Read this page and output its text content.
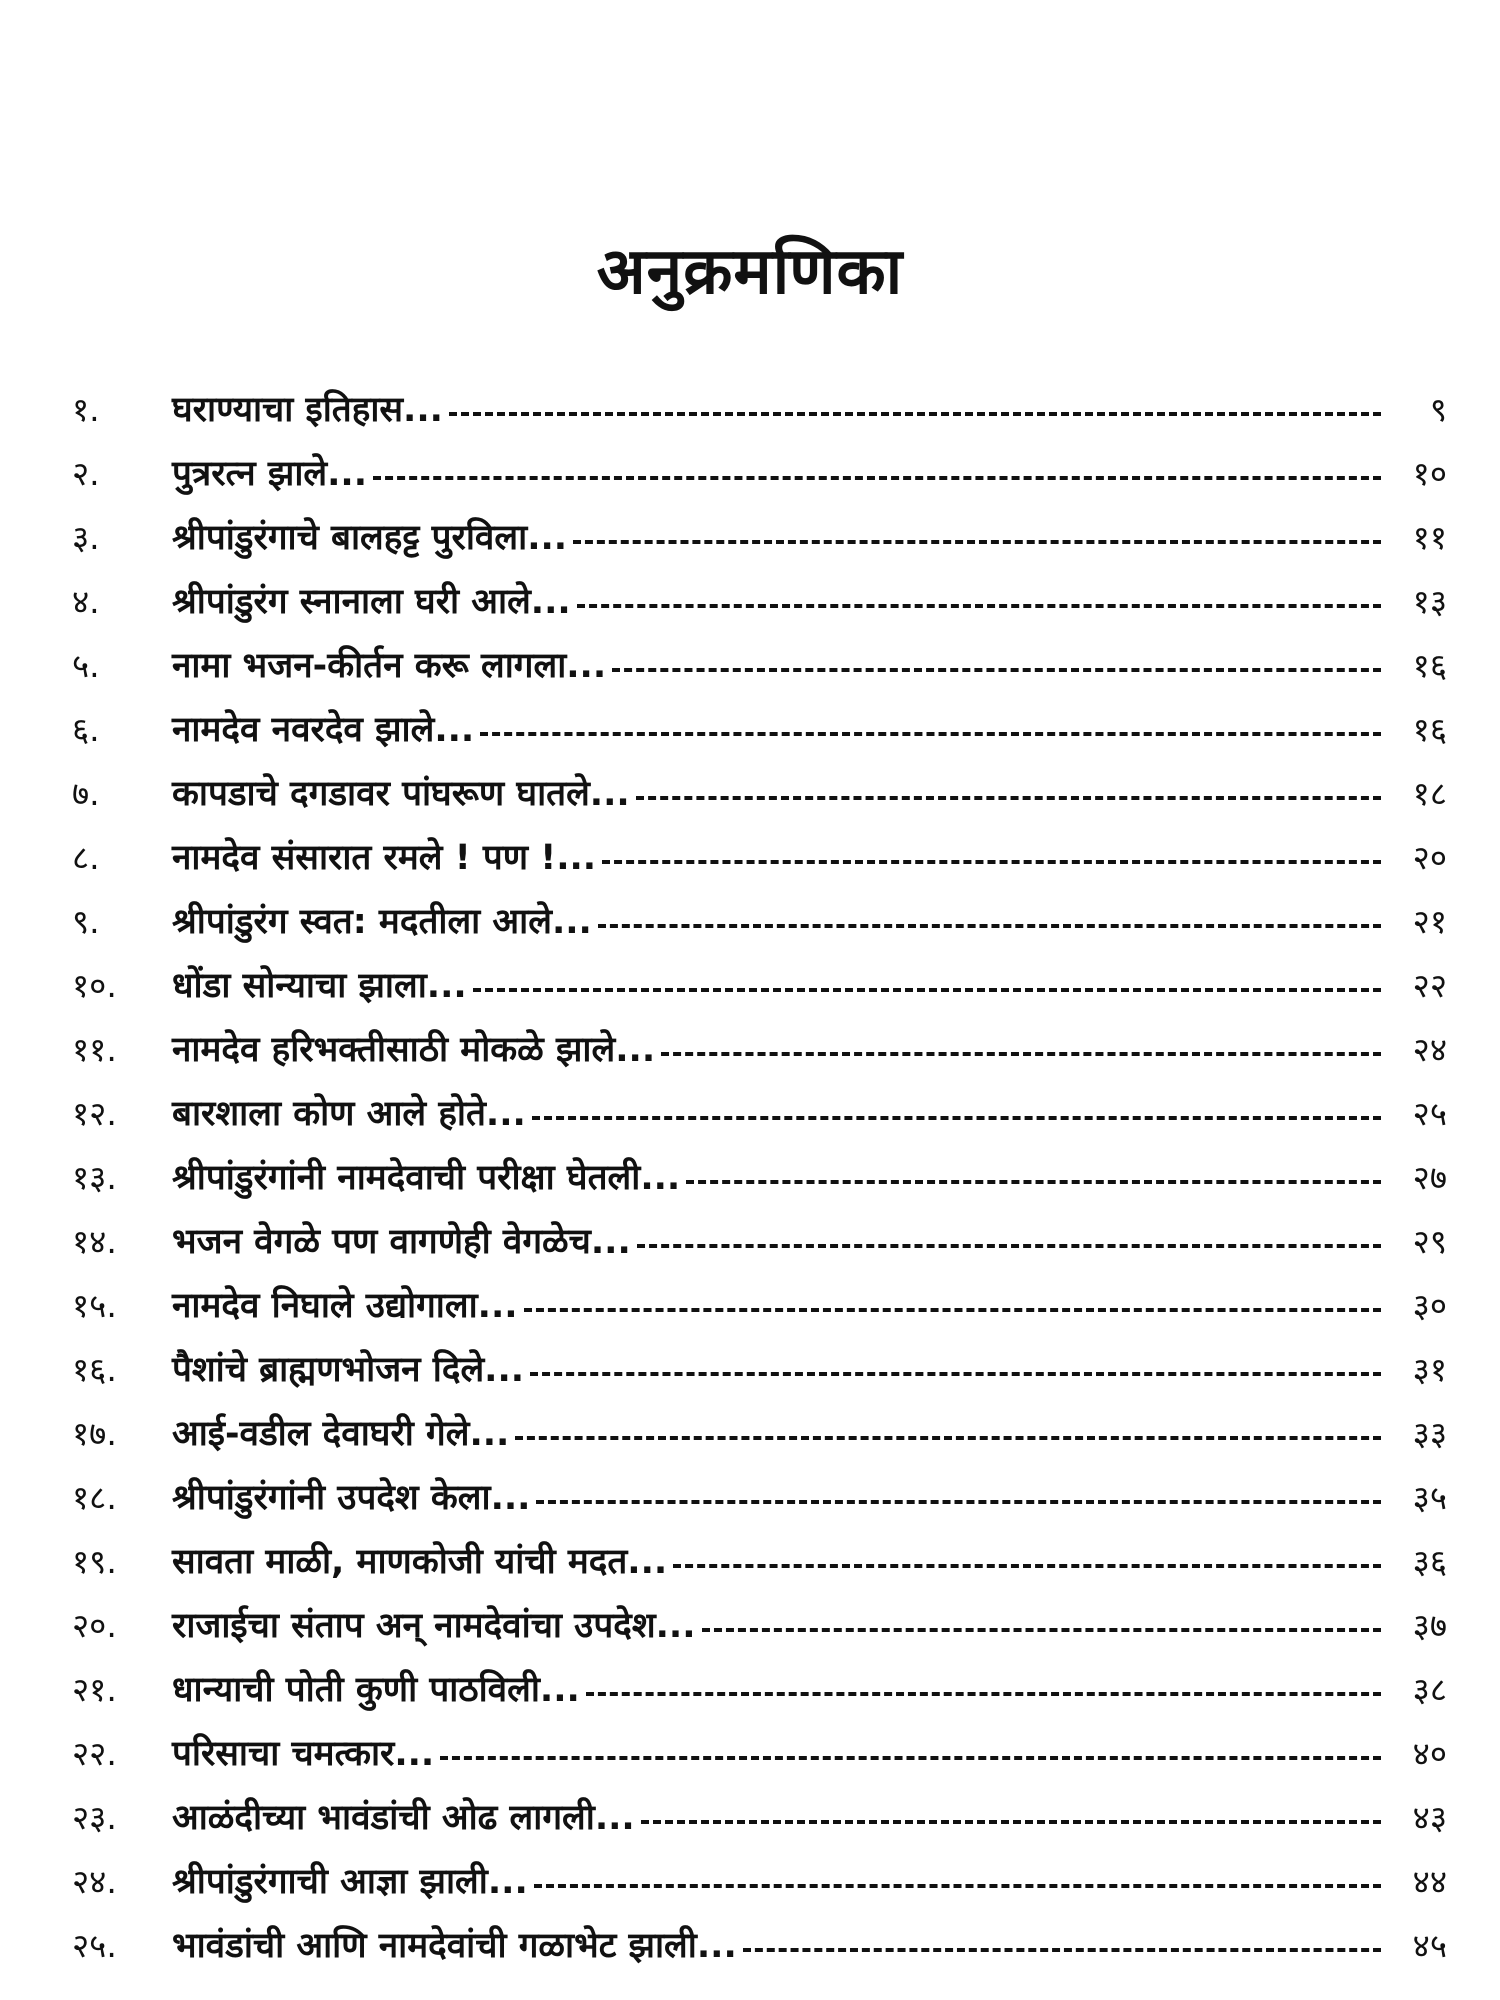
अनुक्रमणिका
१.	घराण्याचा इतिहास...	९
२.	पुत्ररत्न झाले...	१०
३.	श्रीपांडुरंगाचे बालहट्ट पुरविला...	११
४.	श्रीपांडुरंग स्नानाला घरी आले...	१३
५.	नामा भजन-कीर्तन करू लागला...	१६
६.	नामदेव नवरदेव झाले...	१६
७.	कापडाचे दगडावर पांघरूण घातले...	१८
८.	नामदेव संसारात रमले ! पण !...	२०
९.	श्रीपांडुरंग स्वत: मदतीला आले...	२१
१०.	धोंडा सोन्याचा झाला...	२२
११.	नामदेव हरिभक्तीसाठी मोकळे झाले...	२४
१२.	बारशाला कोण आले होते...	२५
१३.	श्रीपांडुरंगांनी नामदेवाची परीक्षा घेतली...	२७
१४.	भजन वेगळे पण वागणेही वेगळेच...	२९
१५.	नामदेव निघाले उद्योगाला...	३०
१६.	पैशांचे ब्राह्मणभोजन दिले...	३१
१७.	आई-वडील देवाघरी गेले...	३३
१८.	श्रीपांडुरंगांनी उपदेश केला...	३५
१९.	सावता माळी, माणकोजी यांची मदत...	३६
२०.	राजाईचा संताप अन् नामदेवांचा उपदेश...	३७
२१.	धान्याची पोती कुणी पाठविली...	३८
२२.	परिसाचा चमत्कार...	४०
२३.	आळंदीच्या भावंडांची ओढ लागली...	४३
२४.	श्रीपांडुरंगाची आज्ञा झाली...	४४
२५.	भावंडांची आणि नामदेवांची गळाभेट झाली...	४५
